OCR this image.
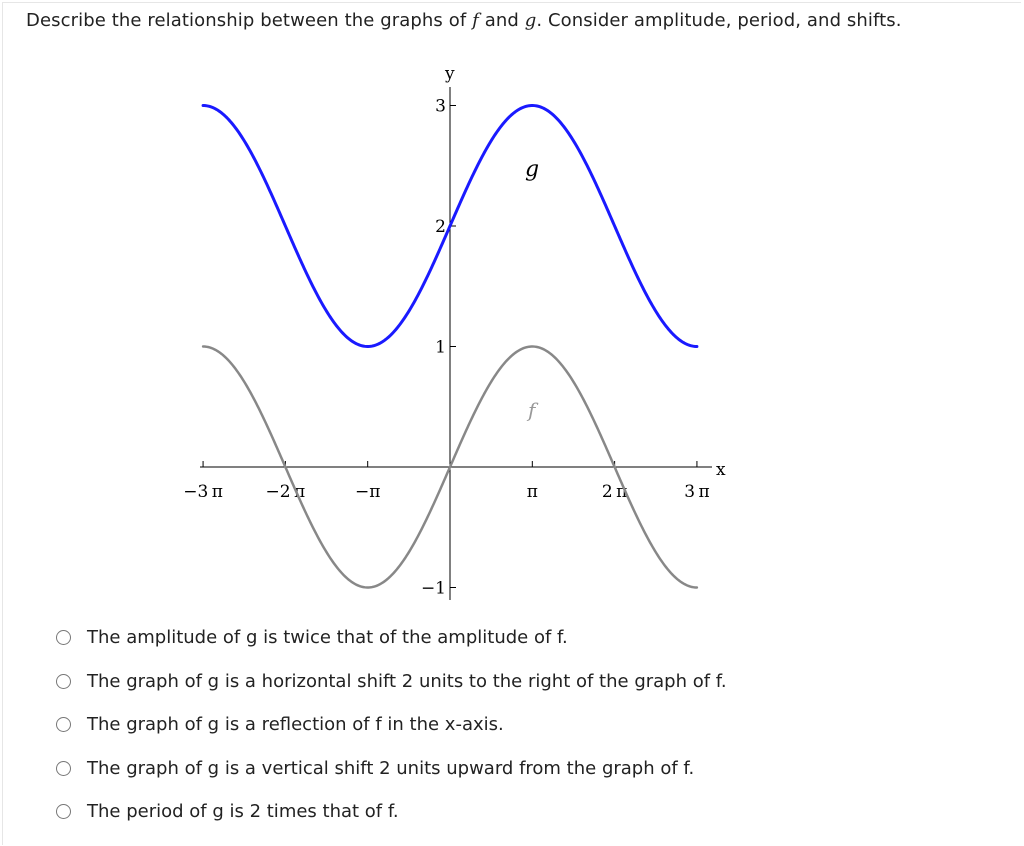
Describe the relationship between the graphs of f and g. Consider amplitude, period, and shifts.
y
x
−3 π	−2 π	−π	π	2 π	3 π
3
2
1
−1
g
f
The amplitude of g is twice that of the amplitude of f.
The graph of g is a horizontal shift 2 units to the right of the graph of f.
The graph of g is a reflection of f in the x-axis.
The graph of g is a vertical shift 2 units upward from the graph of f.
The period of g is 2 times that of f.
